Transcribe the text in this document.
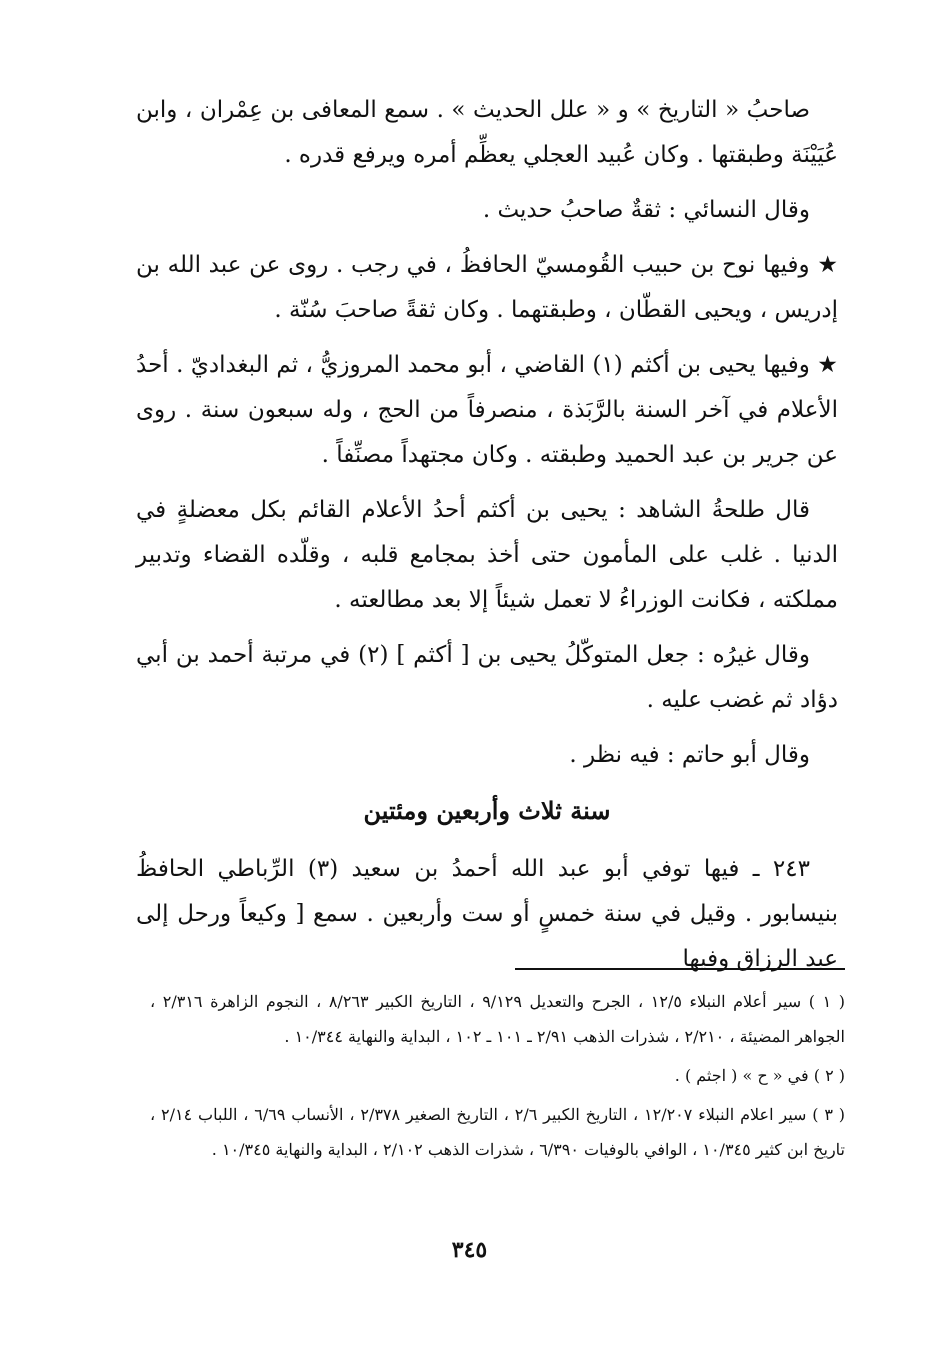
صاحبُ « التاريخ » و « علل الحديث » . سمع المعافى بن عِمْران ، وابن عُيَيْنَة وطبقتها . وكان عُبيد العجلي يعظِّم أمره ويرفع قدره .

وقال النسائي : ثقةٌ صاحبُ حديث .

★ وفيها نوح بن حبيب القُومسيّ الحافظُ ، في رجب . روى عن عبد الله بن إدريس ، ويحيى القطّان ، وطبقتهما . وكان ثقةً صاحبَ سُنّة .

★ وفيها يحيى بن أكثم (١) القاضي ، أبو محمد المروزيُّ ، ثم البغداديّ . أحدُ الأعلام في آخر السنة بالرَّبَذة ، منصرفاً من الحج ، وله سبعون سنة . روى عن جرير بن عبد الحميد وطبقته . وكان مجتهداً مصنِّفاً .

قال طلحةُ الشاهد : يحيى بن أكثم أحدُ الأعلام القائم بكل معضلةٍ في الدنيا . غلب على المأمون حتى أخذ بمجامع قلبه ، وقلّده القضاء وتدبير مملكته ، فكانت الوزراءُ لا تعمل شيئاً إلا بعد مطالعته .

وقال غيرُه : جعل المتوكّلُ يحيى بن [ أكثم ] (٢) في مرتبة أحمد بن أبي دؤاد ثم غضب عليه .

وقال أبو حاتم : فيه نظر .

سنة ثلاث وأربعين ومئتين

٢٤٣ ـ فيها توفي أبو عبد الله أحمدُ بن سعيد (٣) الرِّباطي الحافظُ بنيسابور . وقيل في سنة خمسٍ أو ست وأربعين . سمع [ وكيعاً ورحل إلى عبد الرزاق وفيها

( ١ ) سير أعلام النبلاء ١٢/٥ ، الجرح والتعديل ٩/١٢٩ ، التاريخ الكبير ٨/٢٦٣ ، النجوم الزاهرة ٢/٣١٦ ، الجواهر المضيئة ، ٢/٢١٠ ، شذرات الذهب ٢/٩١ ـ ١٠١ ـ ١٠٢ ، البداية والنهاية ١٠/٣٤٤ .

( ٢ ) في « ح » ( اجثم ) .

( ٣ ) سير اعلام النبلاء ١٢/٢٠٧ ، التاريخ الكبير ٢/٦ ، التاريخ الصغير ٢/٣٧٨ ، الأنساب ٦/٦٩ ، اللباب ٢/١٤ ، تاريخ ابن كثير ١٠/٣٤٥ ، الوافي بالوفيات ٦/٣٩٠ ، شذرات الذهب ٢/١٠٢ ، البداية والنهاية ١٠/٣٤٥ .

٣٤٥
